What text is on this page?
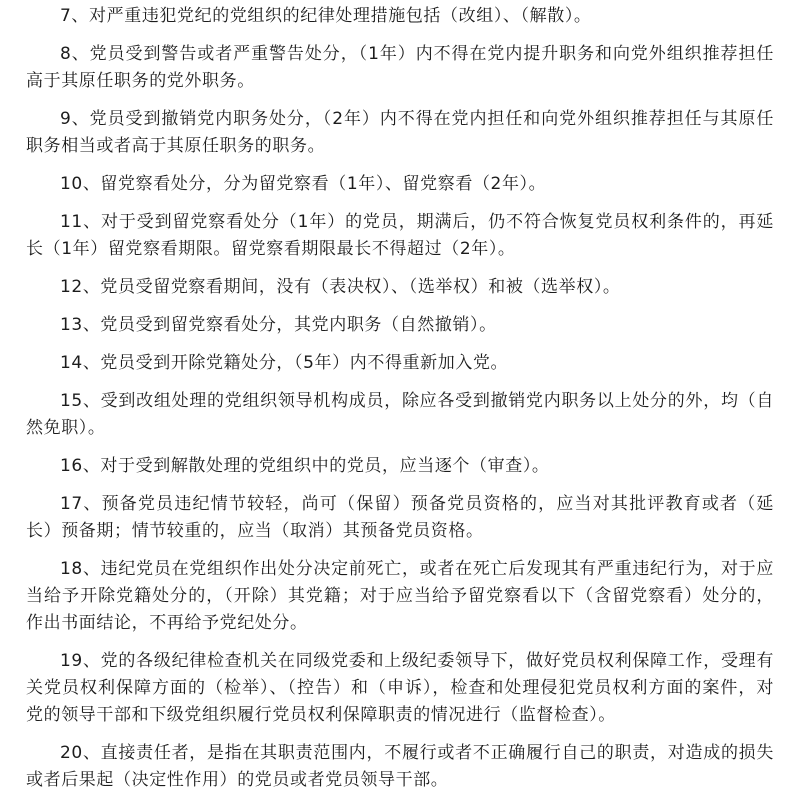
7、对严重违犯党纪的党组织的纪律处理措施包括（改组）、（解散）。

8、党员受到警告或者严重警告处分，（1年）内不得在党内提升职务和向党外组织推荐担任高于其原任职务的党外职务。

9、党员受到撤销党内职务处分，（2年）内不得在党内担任和向党外组织推荐担任与其原任职务相当或者高于其原任职务的职务。

10、留党察看处分，分为留党察看（1年）、留党察看（2年）。

11、对于受到留党察看处分（1年）的党员，期满后，仍不符合恢复党员权利条件的，再延长（1年）留党察看期限。留党察看期限最长不得超过（2年）。

12、党员受留党察看期间，没有（表决权）、（选举权）和被（选举权）。

13、党员受到留党察看处分，其党内职务（自然撤销）。

14、党员受到开除党籍处分，（5年）内不得重新加入党。

15、受到改组处理的党组织领导机构成员，除应各受到撤销党内职务以上处分的外，均（自然免职）。

16、对于受到解散处理的党组织中的党员，应当逐个（审查）。

17、预备党员违纪情节较轻，尚可（保留）预备党员资格的，应当对其批评教育或者（延长）预备期；情节较重的，应当（取消）其预备党员资格。

18、违纪党员在党组织作出处分决定前死亡，或者在死亡后发现其有严重违纪行为，对于应当给予开除党籍处分的，（开除）其党籍；对于应当给予留党察看以下（含留党察看）处分的，作出书面结论，不再给予党纪处分。

19、党的各级纪律检查机关在同级党委和上级纪委领导下，做好党员权利保障工作，受理有关党员权利保障方面的（检举）、（控告）和（申诉），检查和处理侵犯党员权利方面的案件，对党的领导干部和下级党组织履行党员权利保障职责的情况进行（监督检查）。

20、直接责任者，是指在其职责范围内，不履行或者不正确履行自己的职责，对造成的损失或者后果起（决定性作用）的党员或者党员领导干部。
